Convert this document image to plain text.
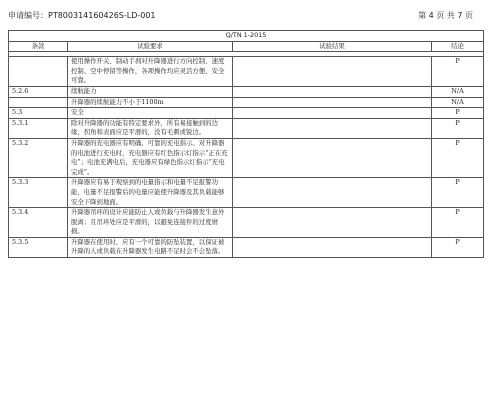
申请编号：PT800314160426S-LD-001	第 4 页 共 7 页
Q/TN 1-2015			
条款	试验要求	试验结果	结论

	使用操作开关、制动手刹对升降器进行方向控制、速度控制、空中停留等操作，各项操作均应灵活方便、安全可靠。		P
5.2.6	续航能力		N/A
	升降器的续航能力不小于1100m		N/A
5.3	安全		P
5.3.1	除对升降器的功能有特定要求外，所有易接触到的边缘、拐角和表面应是平滑的，没有毛刺或锐边。		P
5.3.2	升降器的充电器应有明确、可靠的充电指示。对升降器的电池进行充电时，充电器应有红色指示灯指示“正在充电”；电池充满电后，充电器应有绿色指示灯指示“充电完成”。		P
5.3.3	升降器应有易于观察到的电量指示和电量不足报警功能，电量不足报警后的电量应能使升降器及其负载能够安全下降到地面。		P
5.3.4	升降器吊环的设计应能防止人或负载与升降器发生意外脱离；且吊环处应是平滑的，以避免连接件的过度磨损。		P
5.3.5	升降器在使用时，应有一个可靠的防坠装置，以保证被升降的人或负载在升降器发生电路不足时会不会坠落。		P
